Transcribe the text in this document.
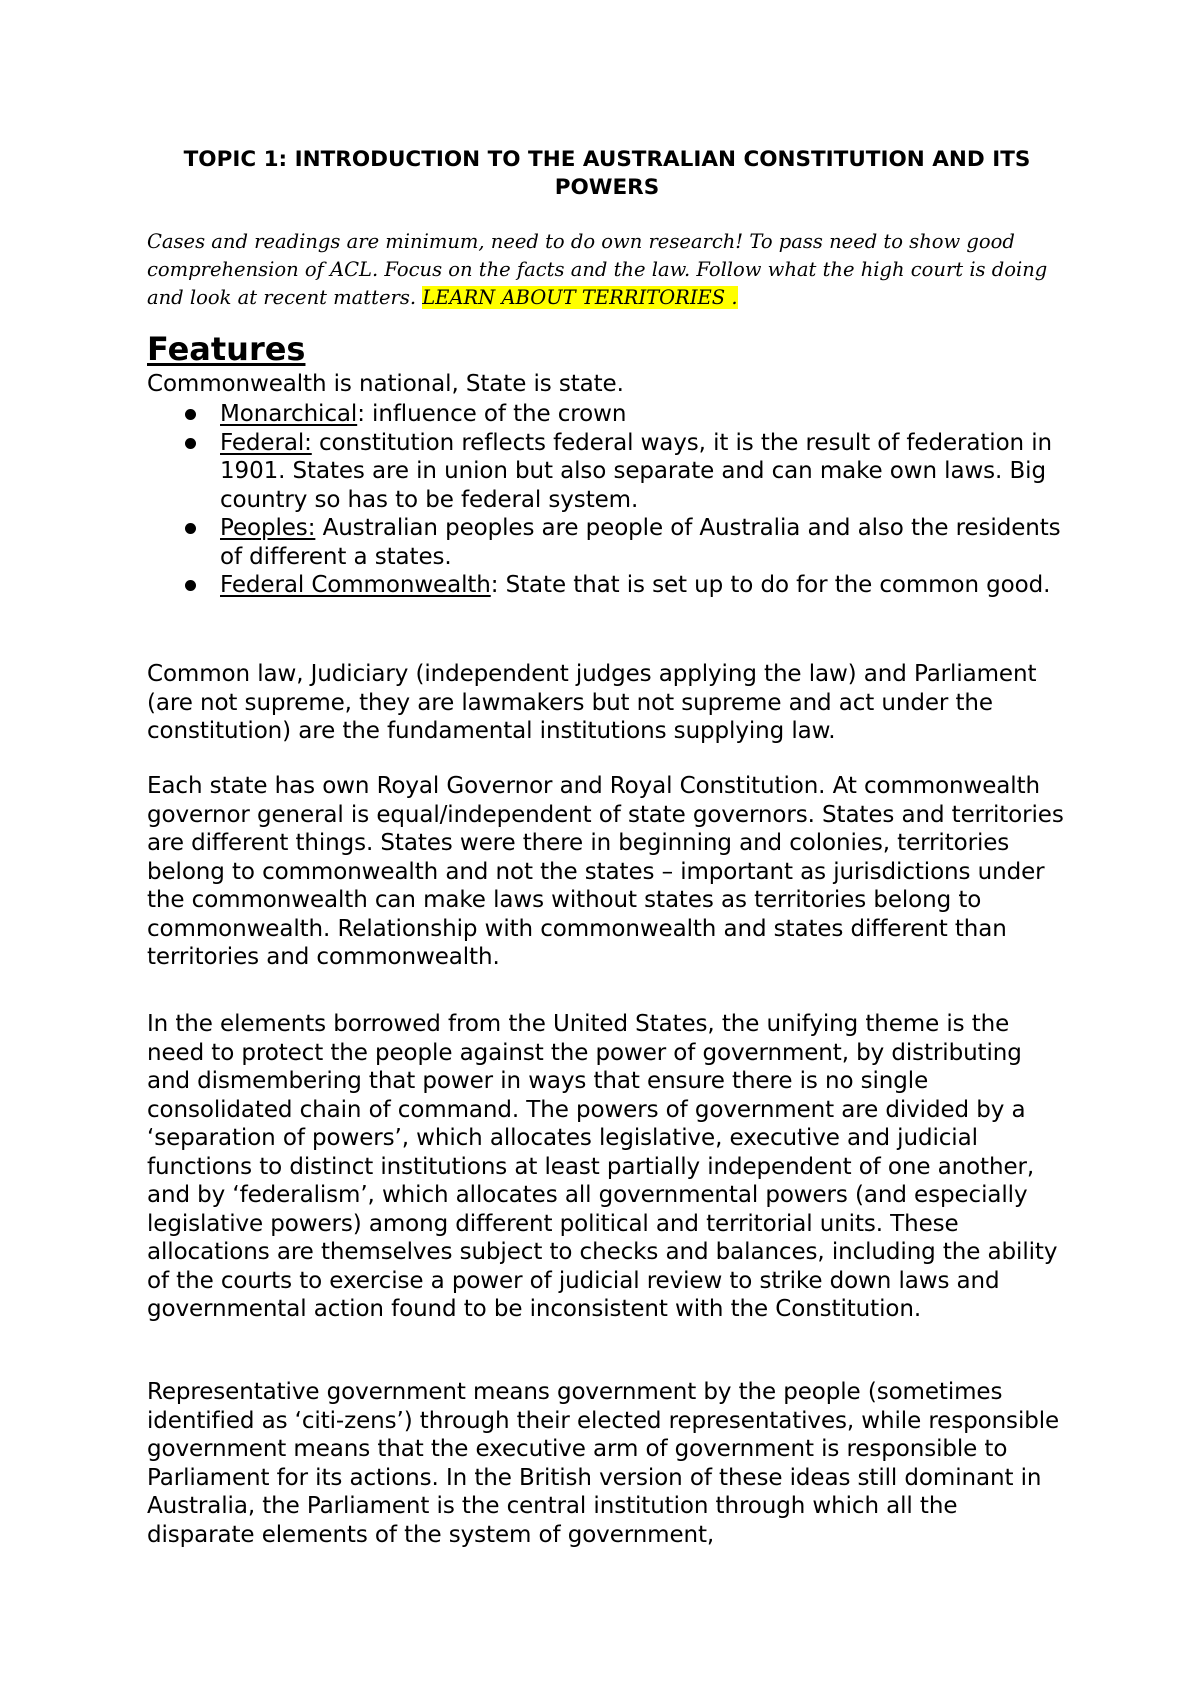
TOPIC 1: INTRODUCTION TO THE AUSTRALIAN CONSTITUTION AND ITS POWERS
Cases and readings are minimum, need to do own research! To pass need to show good comprehension of ACL. Focus on the facts and the law. Follow what the high court is doing and look at recent matters. LEARN ABOUT TERRITORIES .
Features
Commonwealth is national, State is state.
Monarchical: influence of the crown
Federal: constitution reflects federal ways, it is the result of federation in 1901. States are in union but also separate and can make own laws. Big country so has to be federal system.
Peoples: Australian peoples are people of Australia and also the residents of different a states.
Federal Commonwealth: State that is set up to do for the common good.
Common law, Judiciary (independent judges applying the law) and Parliament (are not supreme, they are lawmakers but not supreme and act under the constitution) are the fundamental institutions supplying law.
Each state has own Royal Governor and Royal Constitution. At commonwealth governor general is equal/independent of state governors. States and territories are different things. States were there in beginning and colonies, territories belong to commonwealth and not the states – important as jurisdictions under the commonwealth can make laws without states as territories belong to commonwealth. Relationship with commonwealth and states different than territories and commonwealth.
In the elements borrowed from the United States, the unifying theme is the need to protect the people against the power of government, by distributing and dismembering that power in ways that ensure there is no single consolidated chain of command. The powers of government are divided by a ‘separation of powers’, which allocates legislative, executive and judicial functions to distinct institutions at least partially independent of one another, and by ‘federalism’, which allocates all governmental powers (and especially legislative powers) among different political and territorial units. These allocations are themselves subject to checks and balances, including the ability of the courts to exercise a power of judicial review to strike down laws and governmental action found to be inconsistent with the Constitution.
Representative government means government by the people (sometimes identified as ‘citi-zens’) through their elected representatives, while responsible government means that the executive arm of government is responsible to Parliament for its actions. In the British version of these ideas still dominant in Australia, the Parliament is the central institution through which all the disparate elements of the system of government,
